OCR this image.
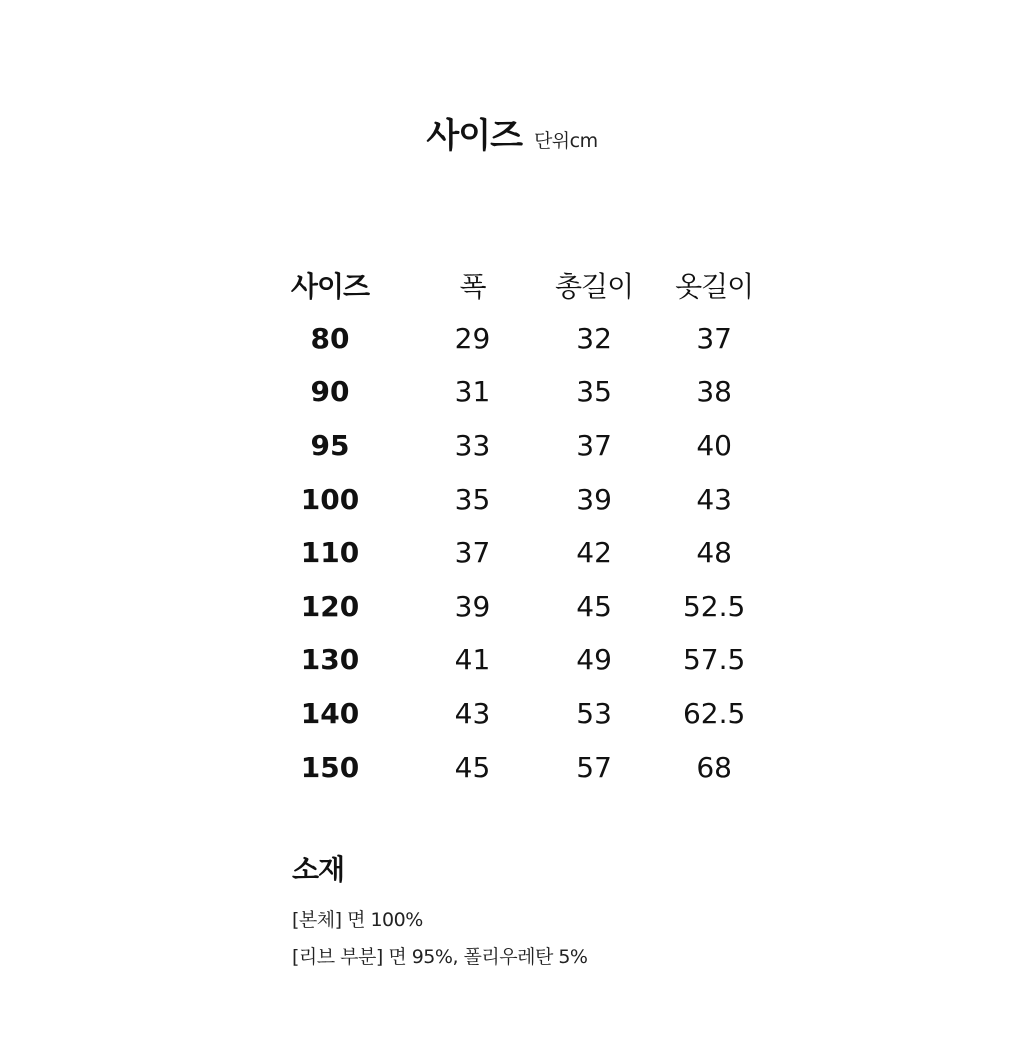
사이즈 단위cm
사이즈	폭	총길이	옷길이
80	29	32	37
90	31	35	38
95	33	37	40
100	35	39	43
110	37	42	48
120	39	45	52.5
130	41	49	57.5
140	43	53	62.5
150	45	57	68
소재
[본체] 면 100%
[리브 부분] 면 95%, 폴리우레탄 5%
